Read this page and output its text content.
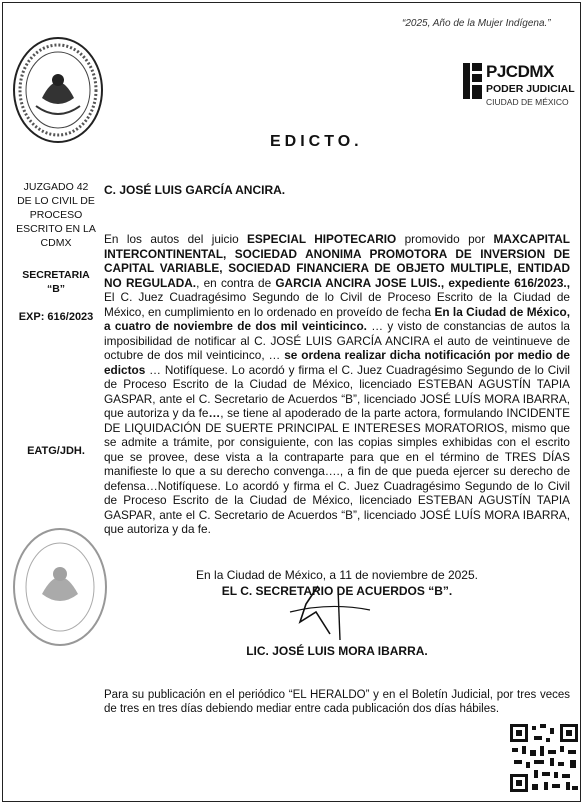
“2025, Año de la Mujer Indígena.”
PJCDMX
PODER JUDICIAL
CIUDAD DE MÉXICO
EDICTO.
JUZGADO 42
DE LO CIVIL DE
PROCESO
ESCRITO EN LA
CDMX
SECRETARIA
“B”
EXP: 616/2023
EATG/JDH.
C. JOSÉ LUIS GARCÍA ANCIRA.

En los autos del juicio ESPECIAL HIPOTECARIO promovido por MAXCAPITAL INTERCONTINENTAL, SOCIEDAD ANONIMA PROMOTORA DE INVERSION DE CAPITAL VARIABLE, SOCIEDAD FINANCIERA DE OBJETO MULTIPLE, ENTIDAD NO REGULADA., en contra de GARCIA ANCIRA JOSE LUIS., expediente 616/2023., El C. Juez Cuadragésimo Segundo de lo Civil de Proceso Escrito de la Ciudad de México, en cumplimiento en lo ordenado en proveído de fecha En la Ciudad de México, a cuatro de noviembre de dos mil veinticinco. … y visto de constancias de autos la imposibilidad de notificar al C. JOSÉ LUIS GARCÍA ANCIRA el auto de veintinueve de octubre de dos mil veinticinco, … se ordena realizar dicha notificación por medio de edictos … Notifíquese. Lo acordó y firma el C. Juez Cuadragésimo Segundo de lo Civil de Proceso Escrito de la Ciudad de México, licenciado ESTEBAN AGUSTÍN TAPIA GASPAR, ante el C. Secretario de Acuerdos “B”, licenciado JOSÉ LUÍS MORA IBARRA, que autoriza y da fe…, se tiene al apoderado de la parte actora, formulando INCIDENTE DE LIQUIDACIÓN DE SUERTE PRINCIPAL E INTERESES MORATORIOS, mismo que se admite a trámite, por consiguiente, con las copias simples exhibidas con el escrito que se provee, dese vista a la contraparte para que en el término de TRES DÍAS manifieste lo que a su derecho convenga…., a fin de que pueda ejercer su derecho de defensa…Notifíquese. Lo acordó y firma el C. Juez Cuadragésimo Segundo de lo Civil de Proceso Escrito de la Ciudad de México, licenciado ESTEBAN AGUSTÍN TAPIA GASPAR, ante el C. Secretario de Acuerdos “B”, licenciado JOSÉ LUÍS MORA IBARRA, que autoriza y da fe.

En la Ciudad de México, a 11 de noviembre de 2025.
EL C. SECRETARIO DE ACUERDOS “B”.
LIC. JOSÉ LUIS MORA IBARRA.
Para su publicación en el periódico “EL HERALDO” y en el Boletín Judicial, por tres veces de tres en tres días debiendo mediar entre cada publicación dos días hábiles.
